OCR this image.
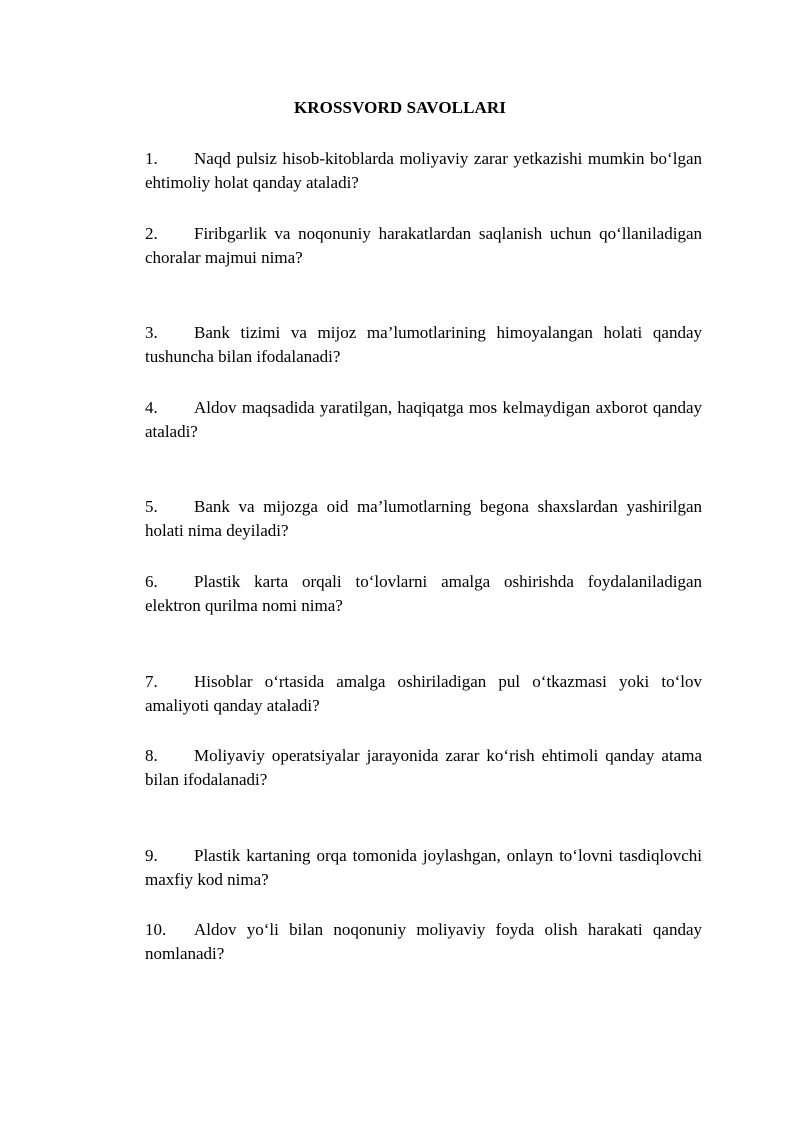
KROSSVORD SAVOLLARI
1. Naqd pulsiz hisob-kitoblarda moliyaviy zarar yetkazishi mumkin bo‘lgan ehtimoliy holat qanday ataladi?
2. Firibgarlik va noqonuniy harakatlardan saqlanish uchun qo‘llaniladigan choralar majmui nima?
3. Bank tizimi va mijoz ma’lumotlarining himoyalangan holati qanday tushuncha bilan ifodalanadi?
4. Aldov maqsadida yaratilgan, haqiqatga mos kelmaydigan axborot qanday ataladi?
5. Bank va mijozga oid ma’lumotlarning begona shaxslardan yashirilgan holati nima deyiladi?
6. Plastik karta orqali to‘lovlarni amalga oshirishda foydalaniladigan elektron qurilma nomi nima?
7. Hisoblar o‘rtasida amalga oshiriladigan pul o‘tkazmasi yoki to‘lov amaliyoti qanday ataladi?
8. Moliyaviy operatsiyalar jarayonida zarar ko‘rish ehtimoli qanday atama bilan ifodalanadi?
9. Plastik kartaning orqa tomonida joylashgan, onlayn to‘lovni tasdiqlovchi maxfiy kod nima?
10. Aldov yo‘li bilan noqonuniy moliyaviy foyda olish harakati qanday nomlanadi?
